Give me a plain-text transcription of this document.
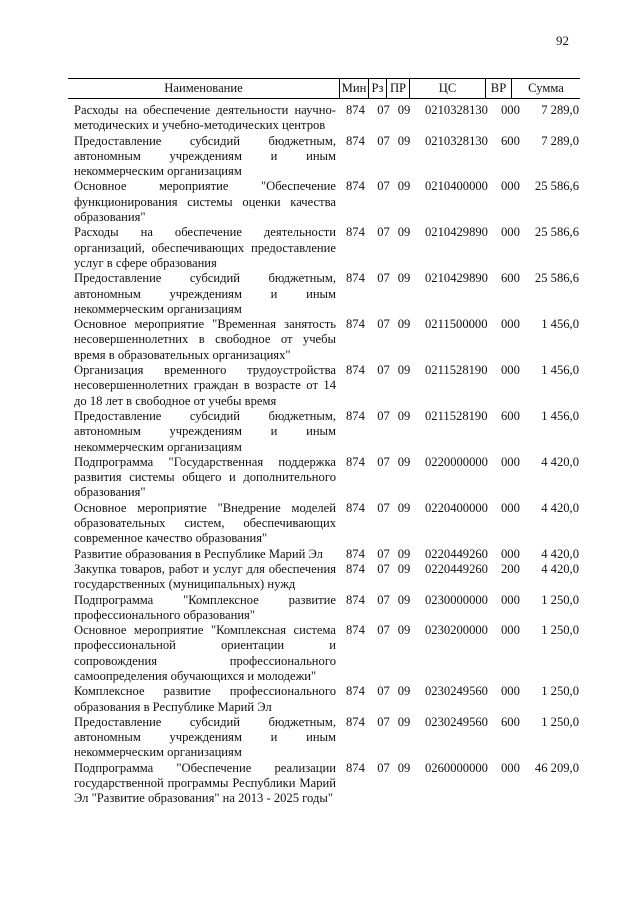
92
Наименование	Мин Рз ПР	ЦС	ВР	Сумма
Расходы на обеспечение деятельности научно-методических и учебно-методических центров
874 07 09	0210328130	000	7 289,0
Предоставление субсидий бюджетным, автономным учреждениям и иным некоммерческим организациям
874 07 09	0210328130	600	7 289,0
Основное мероприятие "Обеспечение функционирования системы оценки качества образования"
874 07 09	0210400000	000	25 586,6
Расходы на обеспечение деятельности организаций, обеспечивающих предоставление услуг в сфере образования
874 07 09	0210429890	000	25 586,6
Предоставление субсидий бюджетным, автономным учреждениям и иным некоммерческим организациям
874 07 09	0210429890	600	25 586,6
Основное мероприятие "Временная занятость несовершеннолетних в свободное от учебы время в образовательных организациях"
874 07 09	0211500000	000	1 456,0
Организация временного трудоустройства несовершеннолетних граждан в возрасте от 14 до 18 лет в свободное от учебы время
874 07 09	0211528190	000	1 456,0
Предоставление субсидий бюджетным, автономным учреждениям и иным некоммерческим организациям
874 07 09	0211528190	600	1 456,0
Подпрограмма "Государственная поддержка развития системы общего и дополнительного образования"
874 07 09	0220000000	000	4 420,0
Основное мероприятие "Внедрение моделей образовательных систем, обеспечивающих современное качество образования"
874 07 09	0220400000	000	4 420,0
Развитие образования в Республике Марий Эл	874 07 09	0220449260	000	4 420,0
Закупка товаров, работ и услуг для обеспечения государственных (муниципальных) нужд
874 07 09	0220449260	200	4 420,0
Подпрограмма "Комплексное развитие профессионального образования"
874 07 09	0230000000	000	1 250,0
Основное мероприятие "Комплексная система профессиональной ориентации и сопровождения профессионального самоопределения обучающихся и молодежи"
874 07 09	0230200000	000	1 250,0
Комплексное развитие профессионального образования в Республике Марий Эл
874 07 09	0230249560	000	1 250,0
Предоставление субсидий бюджетным, автономным учреждениям и иным некоммерческим организациям
874 07 09	0230249560	600	1 250,0
Подпрограмма "Обеспечение реализации государственной программы Республики Марий Эл "Развитие образования" на 2013 - 2025 годы"
874 07 09	0260000000	000	46 209,0
